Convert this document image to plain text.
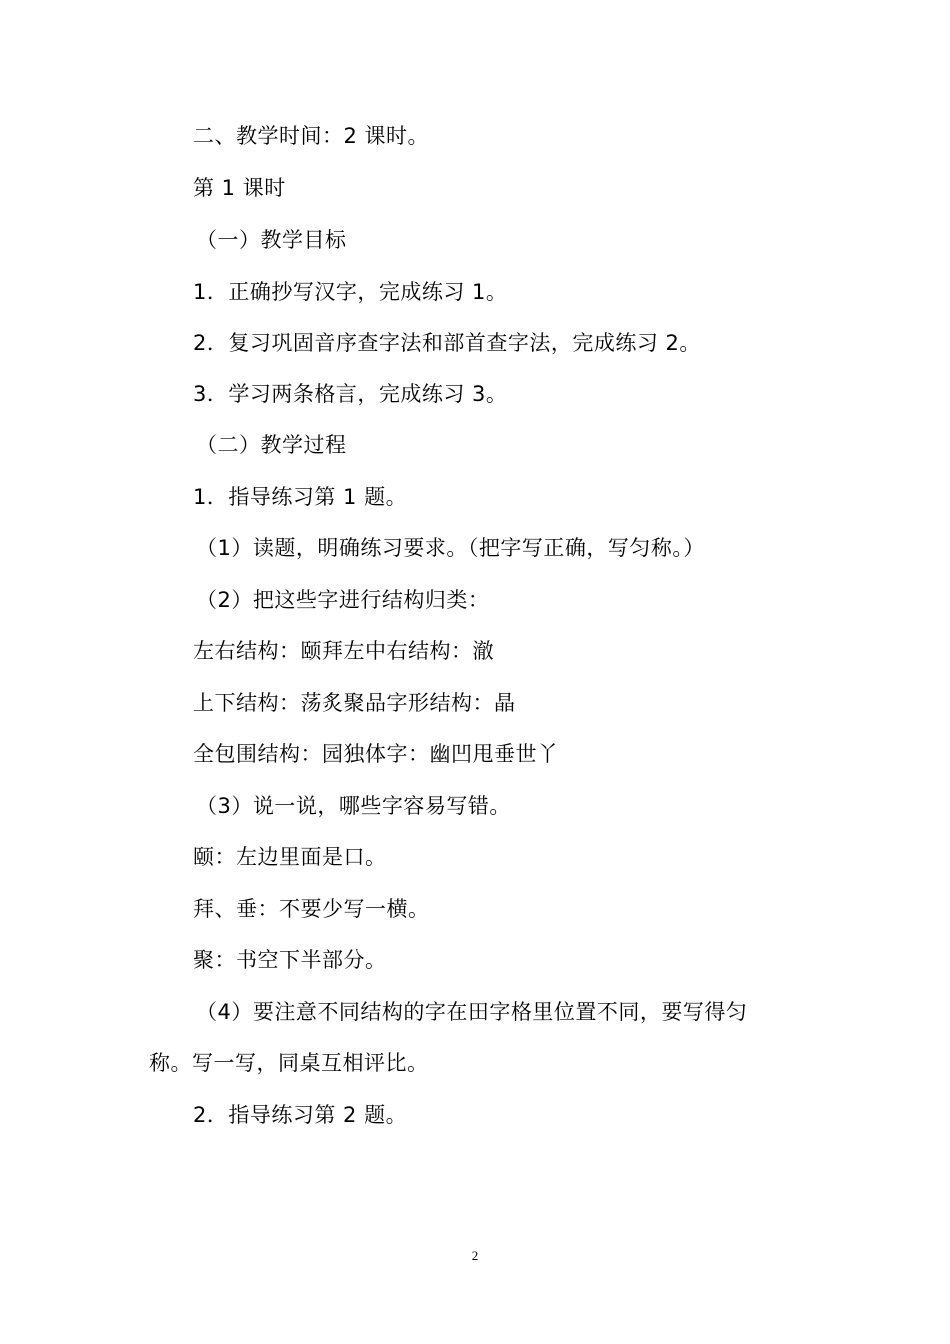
二、教学时间：2 课时。
第 1 课时
（一）教学目标
1．正确抄写汉字，完成练习 1。
2．复习巩固音序查字法和部首查字法，完成练习 2。
3．学习两条格言，完成练习 3。
（二）教学过程
1．指导练习第 1 题。
（1）读题，明确练习要求。（把字写正确，写匀称。）
（2）把这些字进行结构归类：
左右结构：颐拜左中右结构：澈
上下结构：荡炙聚品字形结构：晶
全包围结构：园独体字：幽凹甩垂世丫
（3）说一说，哪些字容易写错。
颐：左边里面是口。
拜、垂：不要少写一横。
聚：书空下半部分。
（4）要注意不同结构的字在田字格里位置不同，要写得匀
称。写一写，同桌互相评比。
2．指导练习第 2 题。
2
